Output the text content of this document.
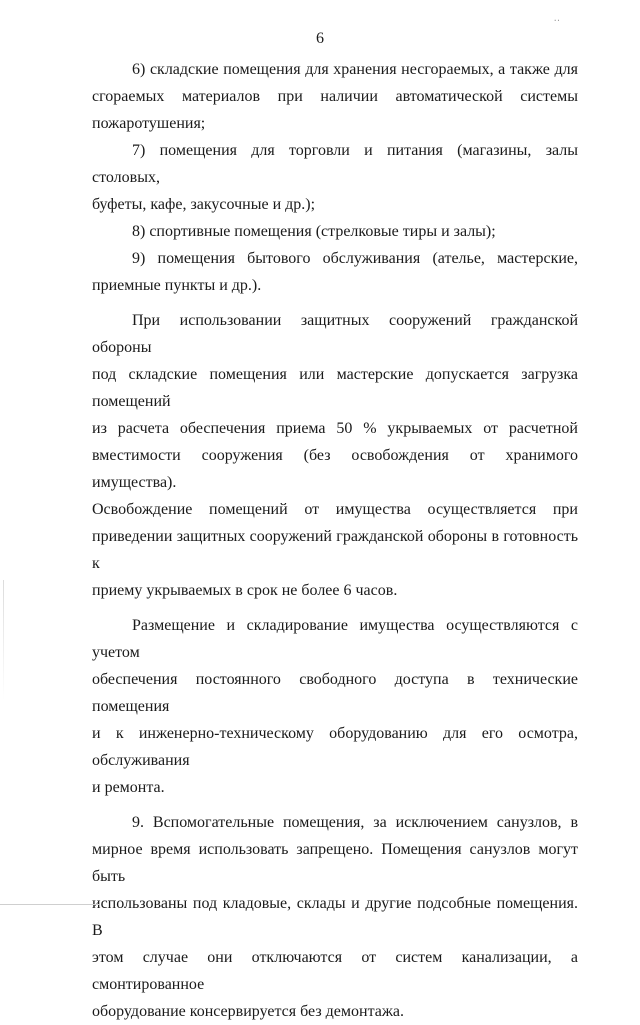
‧‧
6

6) складские помещения для хранения несгораемых, а также для

сгораемых материалов при наличии автоматической системы

пожаротушения;

7) помещения для торговли и питания (магазины, залы столовых,

буфеты, кафе, закусочные и др.);

8) спортивные помещения (стрелковые тиры и залы);

9) помещения бытового обслуживания (ателье, мастерские,

приемные пункты и др.).

При использовании защитных сооружений гражданской обороны

под складские помещения или мастерские допускается загрузка

помещений

из расчета обеспечения приема 50 % укрываемых от расчетной

вместимости сооружения (без освобождения от хранимого имущества).

Освобождение помещений от имущества осуществляется при

приведении защитных сооружений гражданской обороны в готовность к

приему укрываемых в срок не более 6 часов.

Размещение и складирование имущества осуществляются с учетом

обеспечения постоянного свободного доступа в технические помещения

и к инженерно-техническому оборудованию для его осмотра,

обслуживания

и ремонта.

9. Вспомогательные помещения, за исключением санузлов, в

мирное время использовать запрещено. Помещения санузлов могут быть

использованы под кладовые, склады и другие подсобные помещения. В

этом случае они отключаются от систем канализации, а смонтированное

оборудование консервируется без демонтажа.
